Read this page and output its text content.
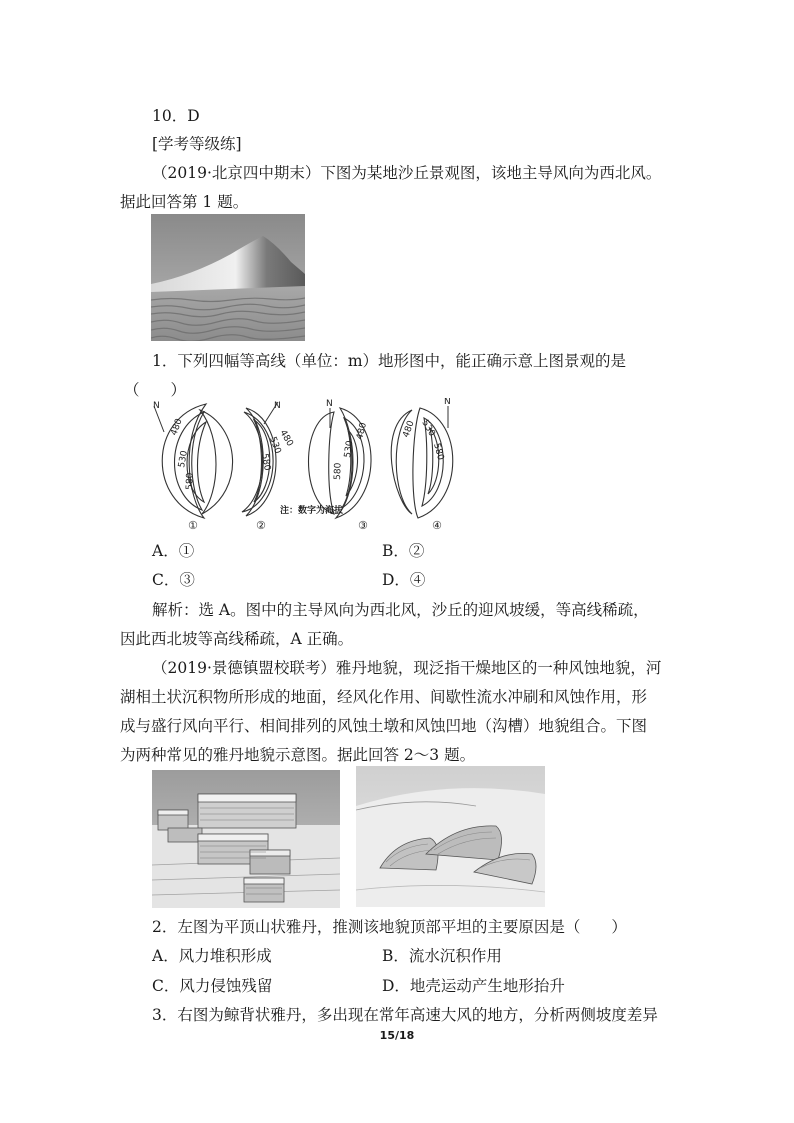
10．D
[学考等级练]
（2019·北京四中期末）下图为某地沙丘景观图，该地主导风向为西北风。
据此回答第 1 题。
1．下列四幅等高线（单位：m）地形图中，能正确示意上图景观的是
（　　）
N	N	N	N
480
530
580
480
530
580	580
530
480	480 530
580
注：数字为海拔
①	②	③	④
A．①	B．②
C．③	D．④
解析：选 A。图中的主导风向为西北风，沙丘的迎风坡缓，等高线稀疏，
因此西北坡等高线稀疏，A 正确。
（2019·景德镇盟校联考）雅丹地貌，现泛指干燥地区的一种风蚀地貌，河
湖相土状沉积物所形成的地面，经风化作用、间歇性流水冲刷和风蚀作用，形
成与盛行风向平行、相间排列的风蚀土墩和风蚀凹地（沟槽）地貌组合。下图
为两种常见的雅丹地貌示意图。据此回答 2～3 题。
2．左图为平顶山状雅丹，推测该地貌顶部平坦的主要原因是（　　）
A．风力堆积形成	B．流水沉积作用
C．风力侵蚀残留	D．地壳运动产生地形抬升
3．右图为鲸背状雅丹，多出现在常年高速大风的地方，分析两侧坡度差异
15/18
